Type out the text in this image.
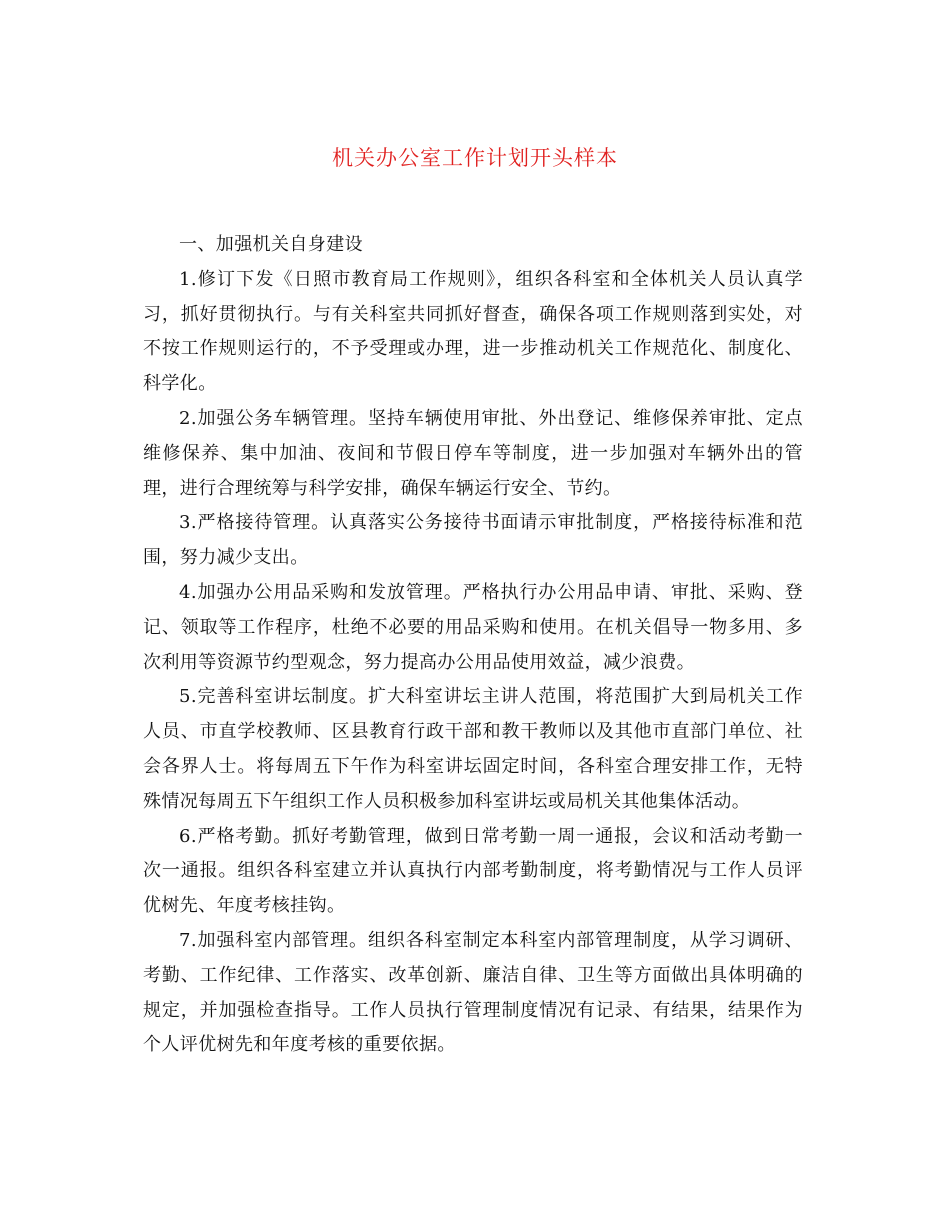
机关办公室工作计划开头样本

一、加强机关自身建设

1.修订下发《日照市教育局工作规则》，组织各科室和全体机关人员认真学习，抓好贯彻执行。与有关科室共同抓好督查，确保各项工作规则落到实处，对不按工作规则运行的，不予受理或办理，进一步推动机关工作规范化、制度化、科学化。

2.加强公务车辆管理。坚持车辆使用审批、外出登记、维修保养审批、定点维修保养、集中加油、夜间和节假日停车等制度，进一步加强对车辆外出的管理，进行合理统筹与科学安排，确保车辆运行安全、节约。

3.严格接待管理。认真落实公务接待书面请示审批制度，严格接待标准和范围，努力减少支出。

4.加强办公用品采购和发放管理。严格执行办公用品申请、审批、采购、登记、领取等工作程序，杜绝不必要的用品采购和使用。在机关倡导一物多用、多次利用等资源节约型观念，努力提高办公用品使用效益，减少浪费。

5.完善科室讲坛制度。扩大科室讲坛主讲人范围，将范围扩大到局机关工作人员、市直学校教师、区县教育行政干部和教干教师以及其他市直部门单位、社会各界人士。将每周五下午作为科室讲坛固定时间，各科室合理安排工作，无特殊情况每周五下午组织工作人员积极参加科室讲坛或局机关其他集体活动。

6.严格考勤。抓好考勤管理，做到日常考勤一周一通报，会议和活动考勤一次一通报。组织各科室建立并认真执行内部考勤制度，将考勤情况与工作人员评优树先、年度考核挂钩。

7.加强科室内部管理。组织各科室制定本科室内部管理制度，从学习调研、考勤、工作纪律、工作落实、改革创新、廉洁自律、卫生等方面做出具体明确的规定，并加强检查指导。工作人员执行管理制度情况有记录、有结果，结果作为个人评优树先和年度考核的重要依据。
